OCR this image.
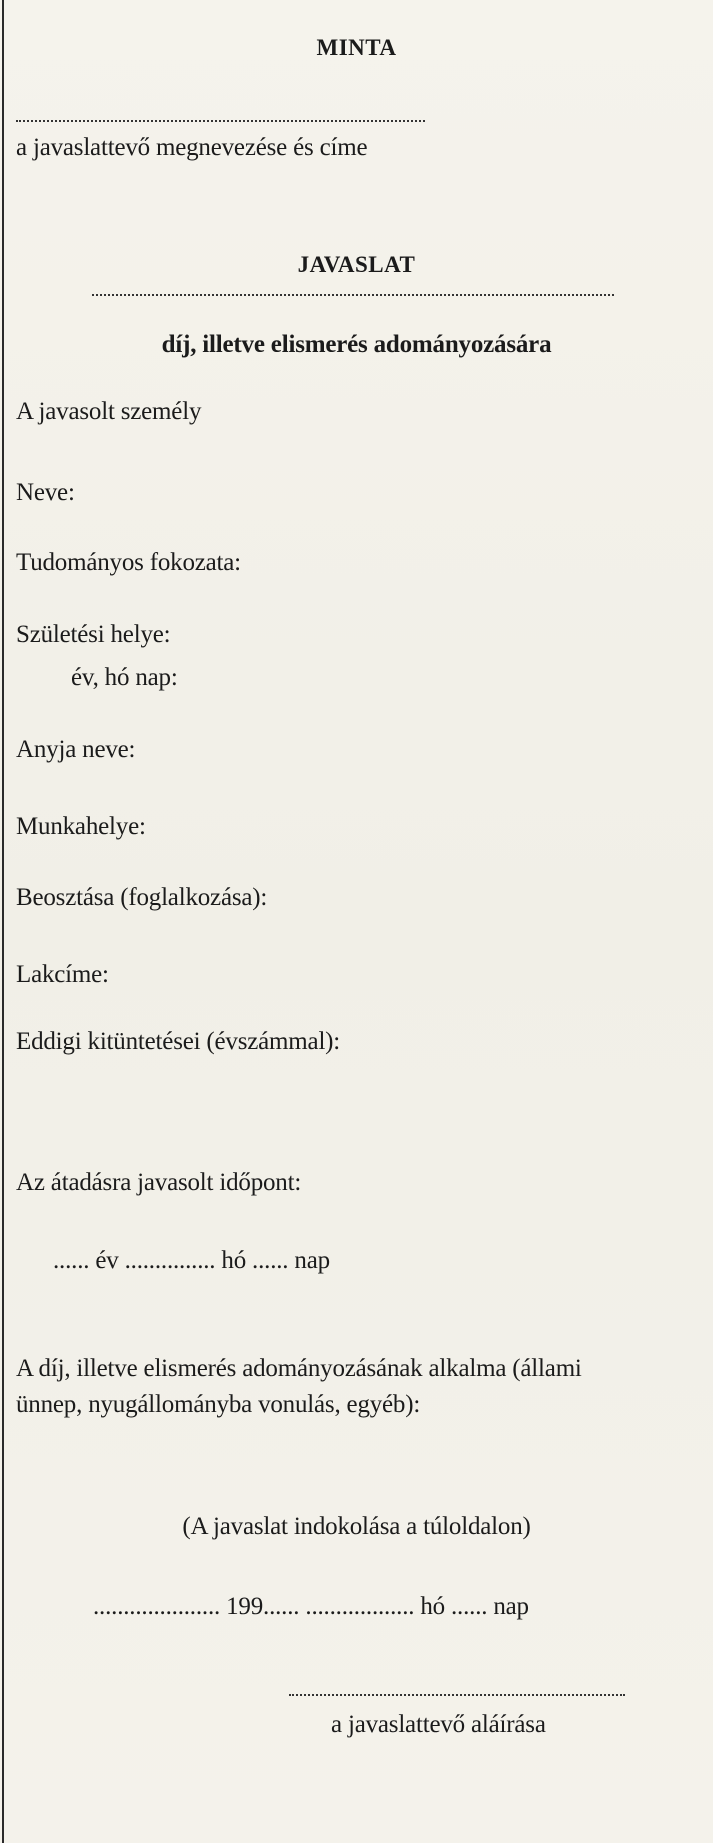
MINTA
a javaslattevő megnevezése és címe
JAVASLAT
díj, illetve elismerés adományozására
A javasolt személy
Neve:
Tudományos fokozata:
Születési helye:
év, hó nap:
Anyja neve:
Munkahelye:
Beosztása (foglalkozása):
Lakcíme:
Eddigi kitüntetései (évszámmal):
Az átadásra javasolt időpont:
...... év ............... hó ...... nap
A díj, illetve elismerés adományozásának alkalma (állami
ünnep, nyugállományba vonulás, egyéb):
(A javaslat indokolása a túloldalon)
..................... 199...... .................. hó ...... nap
a javaslattevő aláírása
